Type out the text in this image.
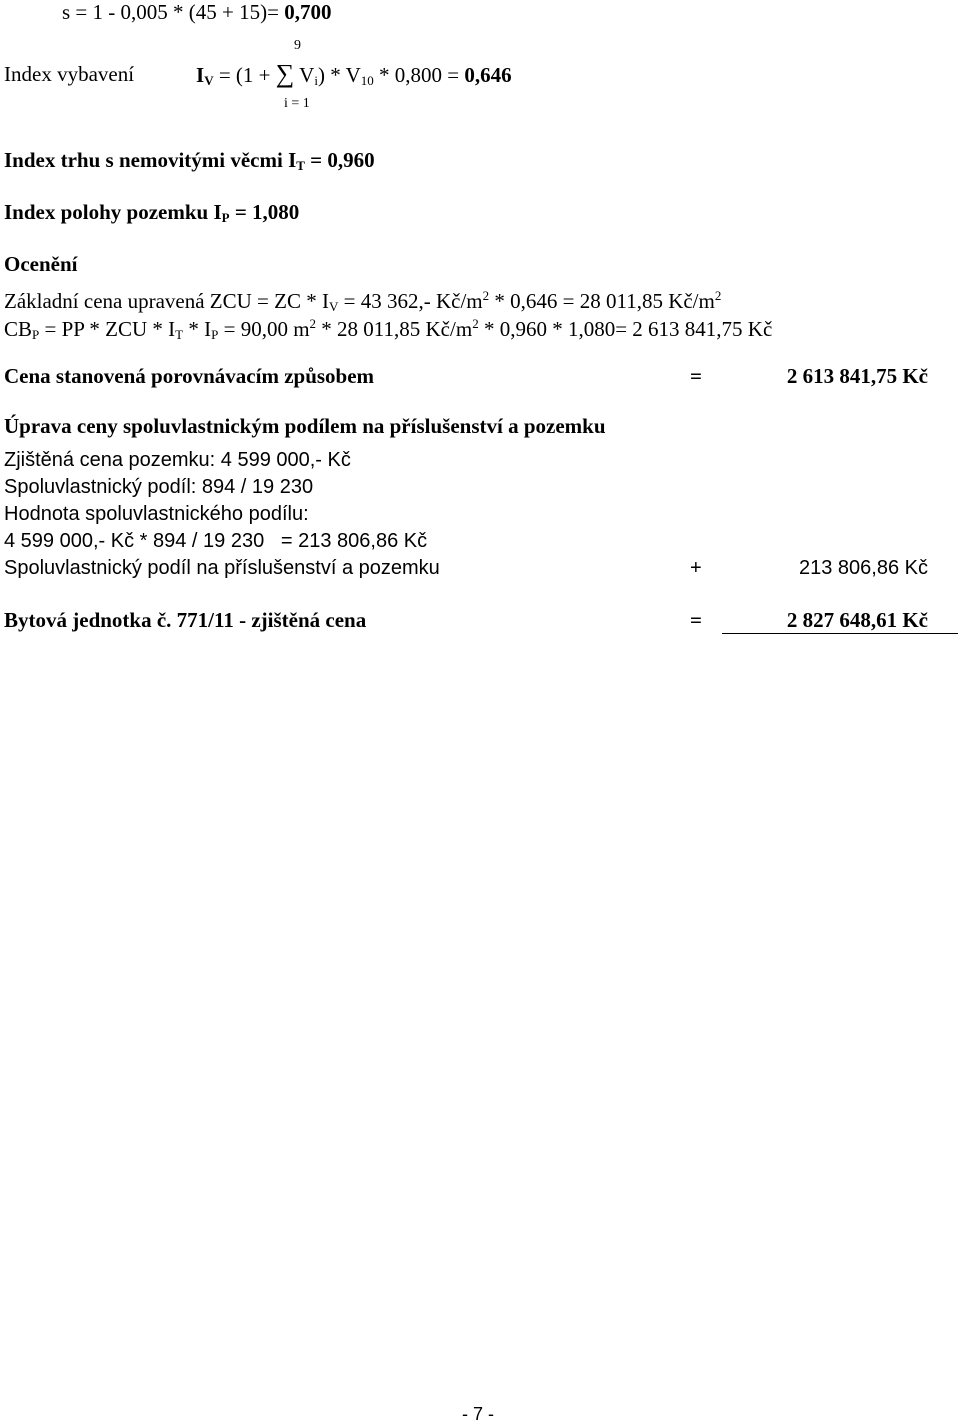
s = 1 - 0,005 * (45 + 15)= 0,700
9
Index vybavení	$I_V = (1$ + ∑ $V_i) * V_{10} * 0,800 = 0,646$
i = 1
Index trhu s nemovitými věcmi $I_T = 0,960$
Index polohy pozemku $I_P = 1,080$
Ocenění
Základní cena upravená ZCU = ZC * $I_V = 43$ 362,- $Kč/m^2 * 0,646 = 28$ 011,85 $Kč/m^2$
$CB_P$ = PP * ZCU * $I_T * I_P = 90,00$ $m^2 * 28$ 011,85 $Kč/m^2 * 0,960 * 1,080= 2$ 613 841,75 Kč
Cena stanovená porovnávacím způsobem	=	2 613 841,75 Kč
Úprava ceny spoluvlastnickým podílem na příslušenství a pozemku
Zjištěná cena pozemku: 4 599 000,- Kč
Spoluvlastnický podíl: 894 / 19 230
Hodnota spoluvlastnického podílu:
4 599 000,- Kč * 894 / 19 230   = 213 806,86 Kč
Spoluvlastnický podíl na příslušenství a pozemku	+	213 806,86 Kč
Bytová jednotka č. 771/11 - zjištěná cena	=	2 827 648,61 Kč
- 7 -
